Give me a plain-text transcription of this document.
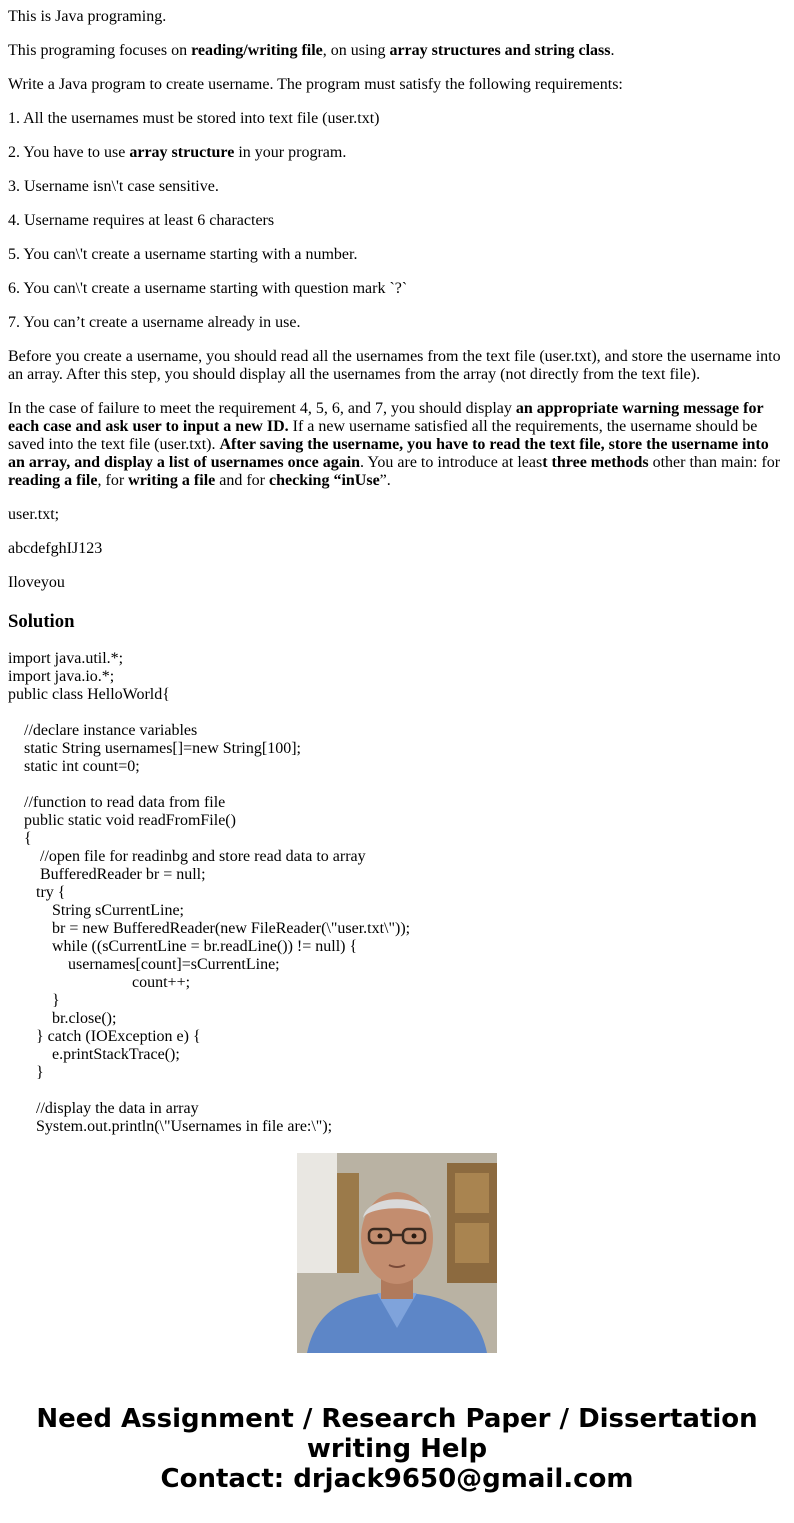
This is Java programing.
This programing focuses on reading/writing file, on using array structures and string class.
Write a Java program to create username. The program must satisfy the following requirements:
1. All the usernames must be stored into text file (user.txt)
2. You have to use array structure in your program.
3. Username isn\'t case sensitive.
4. Username requires at least 6 characters
5. You can\'t create a username starting with a number.
6. You can\'t create a username starting with question mark `?`
7. You can’t create a username already in use.
Before you create a username, you should read all the usernames from the text file (user.txt), and store the username into an array. After this step, you should display all the usernames from the array (not directly from the text file).
In the case of failure to meet the requirement 4, 5, 6, and 7, you should display an appropriate warning message for each case and ask user to input a new ID. If a new username satisfied all the requirements, the username should be saved into the text file (user.txt). After saving the username, you have to read the text file, store the username into an array, and display a list of usernames once again. You are to introduce at least three methods other than main: for reading a file, for writing a file and for checking “inUse”.
user.txt;
abcdefghIJ123
Iloveyou
Solution
import java.util.*;
import java.io.*;
public class HelloWorld{
//declare instance variables
static String usernames[]=new String[100];
static int count=0;
//function to read data from file
public static void readFromFile()
{
//open file for readinbg and store read data to array
BufferedReader br = null;
try {
String sCurrentLine;
br = new BufferedReader(new FileReader(\"user.txt\"));
while ((sCurrentLine = br.readLine()) != null) {
usernames[count]=sCurrentLine;
count++;
}
br.close();
} catch (IOException e) {
e.printStackTrace();
}
//display the data in array
System.out.println(\"Usernames in file are:\");
Need Assignment / Research Paper / Dissertation
writing Help
Contact: drjack9650@gmail.com
